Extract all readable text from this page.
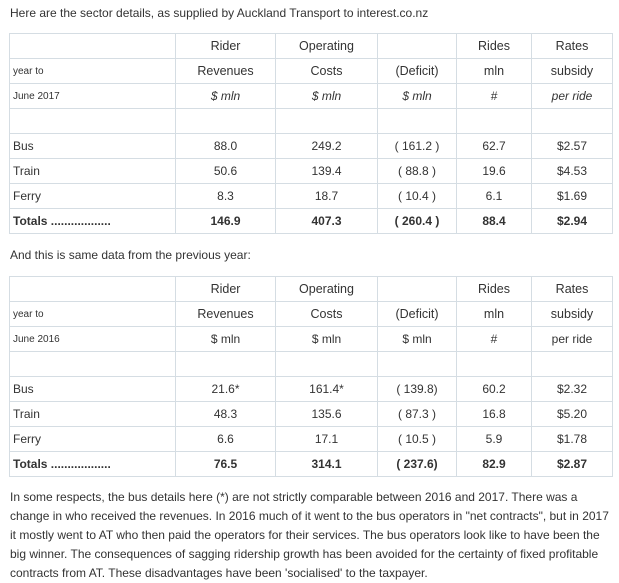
Here are the sector details, as supplied by Auckland Transport to interest.co.nz
	Rider	Operating		Rides	Rates
year to	Revenues	Costs	(Deficit)	mln	subsidy
June 2017	$ mln	$ mln	$ mln	#	per ride

Bus	88.0	249.2	( 161.2 )	62.7	$2.57
Train	50.6	139.4	( 88.8 )	19.6	$4.53
Ferry	8.3	18.7	( 10.4 )	6.1	$1.69
Totals ..................	146.9	407.3	( 260.4 )	88.4	$2.94
And this is same data from the previous year:
	Rider	Operating		Rides	Rates
year to	Revenues	Costs	(Deficit)	mln	subsidy
June 2016	$ mln	$ mln	$ mln	#	per ride

Bus	21.6*	161.4*	( 139.8)	60.2	$2.32
Train	48.3	135.6	( 87.3 )	16.8	$5.20
Ferry	6.6	17.1	( 10.5 )	5.9	$1.78
Totals ..................	76.5	314.1	( 237.6)	82.9	$2.87
In some respects, the bus details here (*) are not strictly comparable between 2016 and 2017. There was a change in who received the revenues. In 2016 much of it went to the bus operators in "net contracts", but in 2017 it mostly went to AT who then paid the operators for their services. The bus operators look like to have been the big winner. The consequences of sagging ridership growth has been avoided for the certainty of fixed profitable contracts from AT. These disadvantages have been 'socialised' to the taxpayer.
